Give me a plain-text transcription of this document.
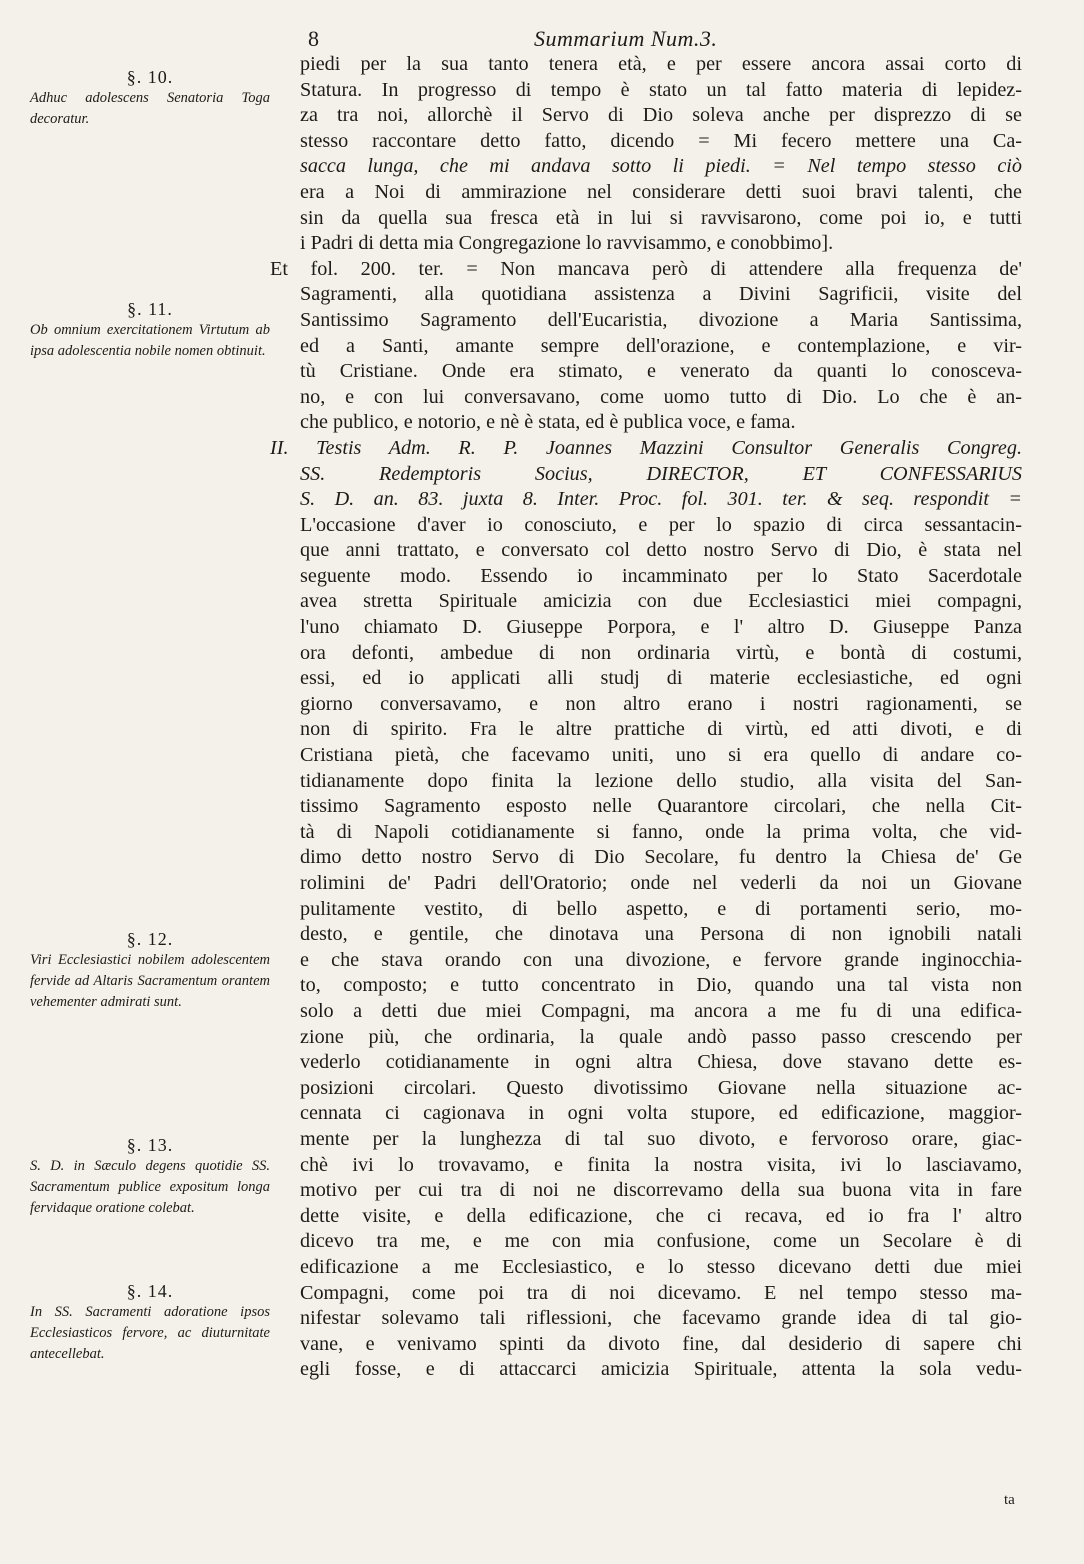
8	Summarium Num.3.
§. 10.
Adhuc adolescens Senatoria Toga decoratur.
§. 11.
Ob omnium exercitationem Virtutum ab ipsa adolescentia nobile nomen obtinuit.
§. 12.
Viri Ecclesiastici nobilem adolescentem fervide ad Altaris Sacramentum orantem vehementer admirati sunt.
§. 13.
S. D. in Sæculo degens quotidie SS. Sacramentum publice expositum longa fervidaque oratione colebat.
§. 14.
In SS. Sacramenti adoratione ipsos Ecclesiasticos fervore, ac diuturnitate antecellebat.
piedi per la sua tanto tenera età, e per essere ancora assai corto di
Statura. In progresso di tempo è stato un tal fatto materia di lepidez-
za tra noi, allorchè il Servo di Dio soleva anche per disprezzo di se
stesso raccontare detto fatto, dicendo = Mi fecero mettere una Ca-
sacca lunga, che mi andava sotto li piedi. = Nel tempo stesso ciò
era a Noi di ammirazione nel considerare detti suoi bravi talenti, che
sin da quella sua fresca età in lui si ravvisarono, come poi io, e tutti
i Padri di detta mia Congregazione lo ravvisammo, e conobbimo].
Et fol. 200. ter. = Non mancava però di attendere alla frequenza de'
Sagramenti, alla quotidiana assistenza a Divini Sagrificii, visite del
Santissimo Sagramento dell'Eucaristia, divozione a Maria Santissima,
ed a Santi, amante sempre dell'orazione, e contemplazione, e vir-
tù Cristiane. Onde era stimato, e venerato da quanti lo conosceva-
no, e con lui conversavano, come uomo tutto di Dio. Lo che è an-
che publico, e notorio, e nè è stata, ed è publica voce, e fama.
II. Testis Adm. R. P. Joannes Mazzini Consultor Generalis Congreg.
SS. Redemptoris Socius, DIRECTOR, ET CONFESSARIUS
S. D. an. 83. juxta 8. Inter. Proc. fol. 301. ter. & seq. respondit =
L'occasione d'aver io conosciuto, e per lo spazio di circa sessantacin-
que anni trattato, e conversato col detto nostro Servo di Dio, è stata nel
seguente modo. Essendo io incamminato per lo Stato Sacerdotale
avea stretta Spirituale amicizia con due Ecclesiastici miei compagni,
l'uno chiamato D. Giuseppe Porpora, e l' altro D. Giuseppe Panza
ora defonti, ambedue di non ordinaria virtù, e bontà di costumi,
essi, ed io applicati alli studj di materie ecclesiastiche, ed ogni
giorno conversavamo, e non altro erano i nostri ragionamenti, se
non di spirito. Fra le altre prattiche di virtù, ed atti divoti, e di
Cristiana pietà, che facevamo uniti, uno si era quello di andare co-
tidianamente dopo finita la lezione dello studio, alla visita del San-
tissimo Sagramento esposto nelle Quarantore circolari, che nella Cit-
tà di Napoli cotidianamente si fanno, onde la prima volta, che vid-
dimo detto nostro Servo di Dio Secolare, fu dentro la Chiesa de' Ge
rolimini de' Padri dell'Oratorio; onde nel vederli da noi un Giovane
pulitamente vestito, di bello aspetto, e di portamenti serio, mo-
desto, e gentile, che dinotava una Persona di non ignobili natali
e che stava orando con una divozione, e fervore grande inginocchia-
to, composto; e tutto concentrato in Dio, quando una tal vista non
solo a detti due miei Compagni, ma ancora a me fu di una edifica-
zione più, che ordinaria, la quale andò passo passo crescendo per
vederlo cotidianamente in ogni altra Chiesa, dove stavano dette es-
posizioni circolari. Questo divotissimo Giovane nella situazione ac-
cennata ci cagionava in ogni volta stupore, ed edificazione, maggior-
mente per la lunghezza di tal suo divoto, e fervoroso orare, giac-
chè ivi lo trovavamo, e finita la nostra visita, ivi lo lasciavamo,
motivo per cui tra di noi ne discorrevamo della sua buona vita in fare
dette visite, e della edificazione, che ci recava, ed io fra l' altro
dicevo tra me, e me con mia confusione, come un Secolare è di
edificazione a me Ecclesiastico, e lo stesso dicevano detti due miei
Compagni, come poi tra di noi dicevamo. E nel tempo stesso ma-
nifestar solevamo tali riflessioni, che facevamo grande idea di tal gio-
vane, e venivamo spinti da divoto fine, dal desiderio di sapere chi
egli fosse, e di attaccarci amicizia Spirituale, attenta la sola vedu-
ta
